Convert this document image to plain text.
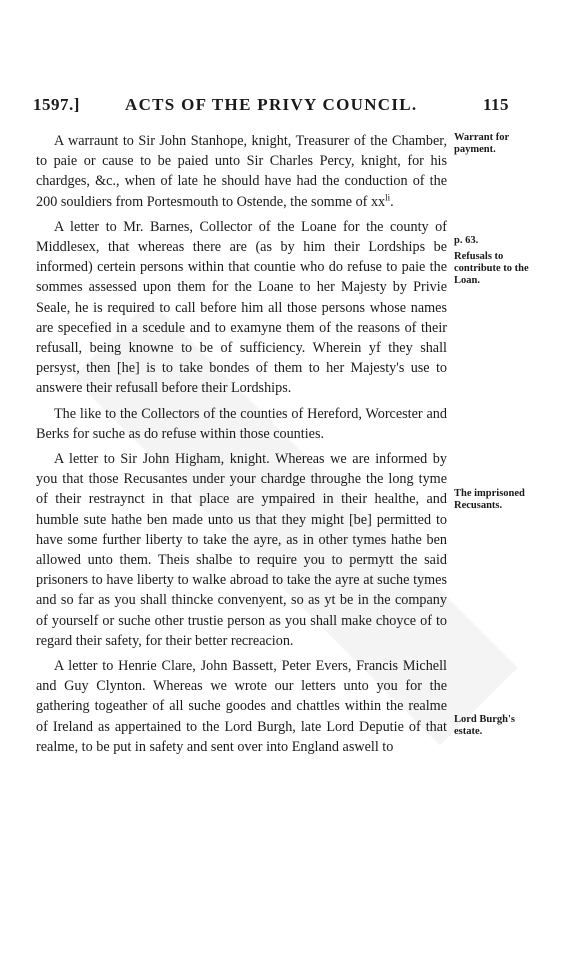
1597.]	ACTS OF THE PRIVY COUNCIL.	115

A warraunt to Sir John Stanhope, knight, Treasurer of the Chamber, to paie or cause to be paied unto Sir Charles Percy, knight, for his chardges, &c., when of late he should have had the conduction of the 200 souldiers from Portesmouth to Ostende, the somme of $xx^{li}$.

A letter to Mr. Barnes, Collector of the Loane for the county of Middlesex, that whereas there are (as by him their Lordships be informed) certein persons within that countie who do refuse to paie the sommes assessed upon them for the Loane to her Majesty by Privie Seale, he is required to call before him all those persons whose names are specefied in a scedule and to examyne them of the reasons of their refusall, being knowne to be of sufficiency. Wherein yf they shall persyst, then [he] is to take bondes of them to her Majesty's use to answere their refusall before their Lordships.

The like to the Collectors of the counties of Hereford, Worcester and Berks for suche as do refuse within those counties.

A letter to Sir John Higham, knight. Whereas we are informed by you that those Recusantes under your chardge throughe the long tyme of their restraynct in that place are ympaired in their healthe, and humble sute hathe ben made unto us that they might [be] permitted to have some further liberty to take the ayre, as in other tymes hathe ben allowed unto them. Theis shalbe to require you to permytt the said prisoners to have liberty to walke abroad to take the ayre at suche tymes and so far as you shall thincke convenyent, so as yt be in the company of yourself or suche other trustie person as you shall make choyce of to regard their safety, for their better recreacion.

A letter to Henrie Clare, John Bassett, Peter Evers, Francis Michell and Guy Clynton. Whereas we wrote our letters unto you for the gathering togeather of all suche goodes and chattles within the realme of Ireland as appertained to the Lord Burgh, late Lord Deputie of that realme, to be put in safety and sent over into England aswell to

Warrant for payment.
p. 63.
Refusals to contribute to the Loan.
The imprisoned Recusants.
Lord Burgh's estate.
